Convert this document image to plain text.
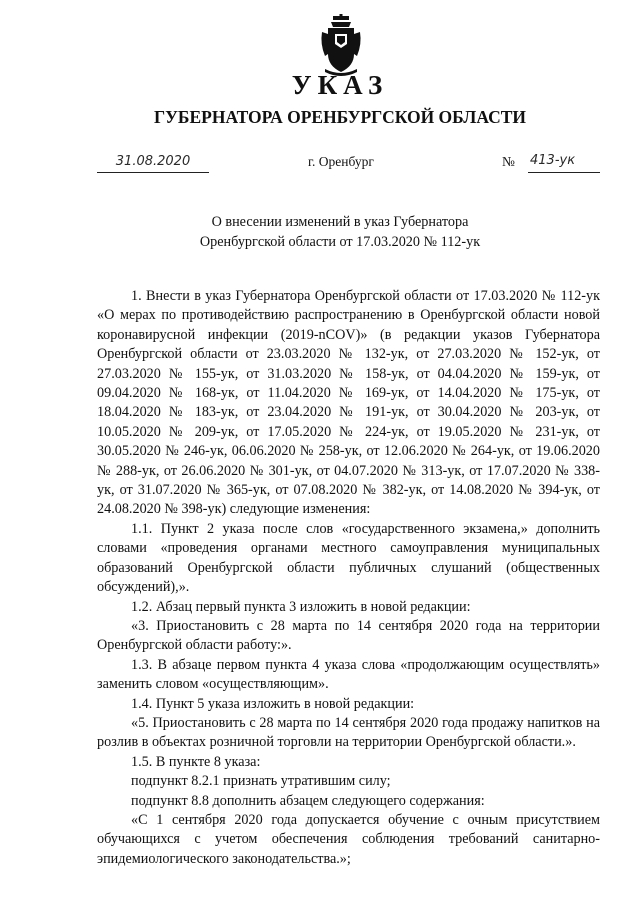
УКАЗ
ГУБЕРНАТОРА ОРЕНБУРГСКОЙ ОБЛАСТИ
31.08.2020	г. Оренбург	№ 413-ук
О внесении изменений в указ Губернатора
Оренбургской области от 17.03.2020 № 112-ук

1. Внести в указ Губернатора Оренбургской области от 17.03.2020 № 112-ук «О мерах по противодействию распространению в Оренбургской области новой коронавирусной инфекции (2019-nCOV)» (в редакции указов Губернатора Оренбургской области от 23.03.2020 № 132-ук, от 27.03.2020 № 152-ук, от 27.03.2020 № 155-ук, от 31.03.2020 № 158-ук, от 04.04.2020 № 159-ук, от 09.04.2020 № 168-ук, от 11.04.2020 № 169-ук, от 14.04.2020 № 175-ук, от 18.04.2020 № 183-ук, от 23.04.2020 № 191-ук, от 30.04.2020 № 203-ук, от 10.05.2020 № 209-ук, от 17.05.2020 № 224-ук, от 19.05.2020 № 231-ук, от 30.05.2020 № 246-ук, 06.06.2020 № 258-ук, от 12.06.2020 № 264-ук, от 19.06.2020 № 288-ук, от 26.06.2020 № 301-ук, от 04.07.2020 № 313-ук, от 17.07.2020 № 338-ук, от 31.07.2020 № 365-ук, от 07.08.2020 № 382-ук, от 14.08.2020 № 394-ук, от 24.08.2020 № 398-ук) следующие изменения:

1.1. Пункт 2 указа после слов «государственного экзамена,» дополнить словами «проведения органами местного самоуправления муниципальных образований Оренбургской области публичных слушаний (общественных обсуждений),».

1.2. Абзац первый пункта 3 изложить в новой редакции:

«3. Приостановить с 28 марта по 14 сентября 2020 года на территории Оренбургской области работу:».

1.3. В абзаце первом пункта 4 указа слова «продолжающим осуществлять» заменить словом «осуществляющим».

1.4. Пункт 5 указа изложить в новой редакции:

«5. Приостановить с 28 марта по 14 сентября 2020 года продажу напитков на розлив в объектах розничной торговли на территории Оренбургской области.».

1.5. В пункте 8 указа:

подпункт 8.2.1 признать утратившим силу;

подпункт 8.8 дополнить абзацем следующего содержания:

«С 1 сентября 2020 года допускается обучение с очным присутствием обучающихся с учетом обеспечения соблюдения требований санитарно-эпидемиологического законодательства.»;
